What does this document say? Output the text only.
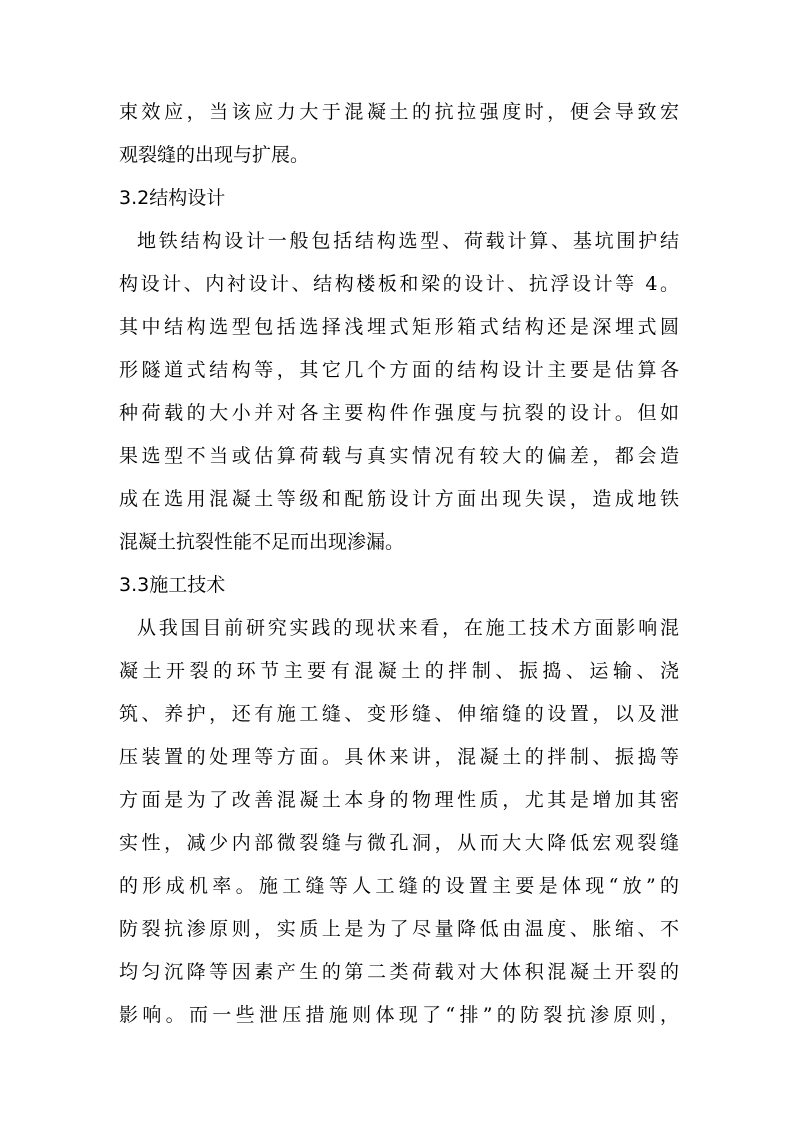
束效应，当该应力大于混凝土的抗拉强度时，便会导致宏
观裂缝的出现与扩展。
3.2结构设计
地铁结构设计一般包括结构选型、荷载计算、基坑围护结
构设计、内衬设计、结构楼板和梁的设计、抗浮设计等 4。
其中结构选型包括选择浅埋式矩形箱式结构还是深埋式圆
形隧道式结构等，其它几个方面的结构设计主要是估算各
种荷载的大小并对各主要构件作强度与抗裂的设计。但如
果选型不当或估算荷载与真实情况有较大的偏差，都会造
成在选用混凝土等级和配筋设计方面出现失误，造成地铁
混凝土抗裂性能不足而出现渗漏。
3.3施工技术
从我国目前研究实践的现状来看，在施工技术方面影响混
凝土开裂的环节主要有混凝土的拌制、振捣、运输、浇
筑、养护，还有施工缝、变形缝、伸缩缝的设置，以及泄
压装置的处理等方面。具休来讲，混凝土的拌制、振捣等
方面是为了改善混凝土本身的物理性质，尤其是增加其密
实性，减少内部微裂缝与微孔洞，从而大大降低宏观裂缝
的形成机率。施工缝等人工缝的设置主要是体现“放”的
防裂抗渗原则，实质上是为了尽量降低由温度、胀缩、不
均匀沉降等因素产生的第二类荷载对大体积混凝土开裂的
影响。而一些泄压措施则体现了“排”的防裂抗渗原则，
